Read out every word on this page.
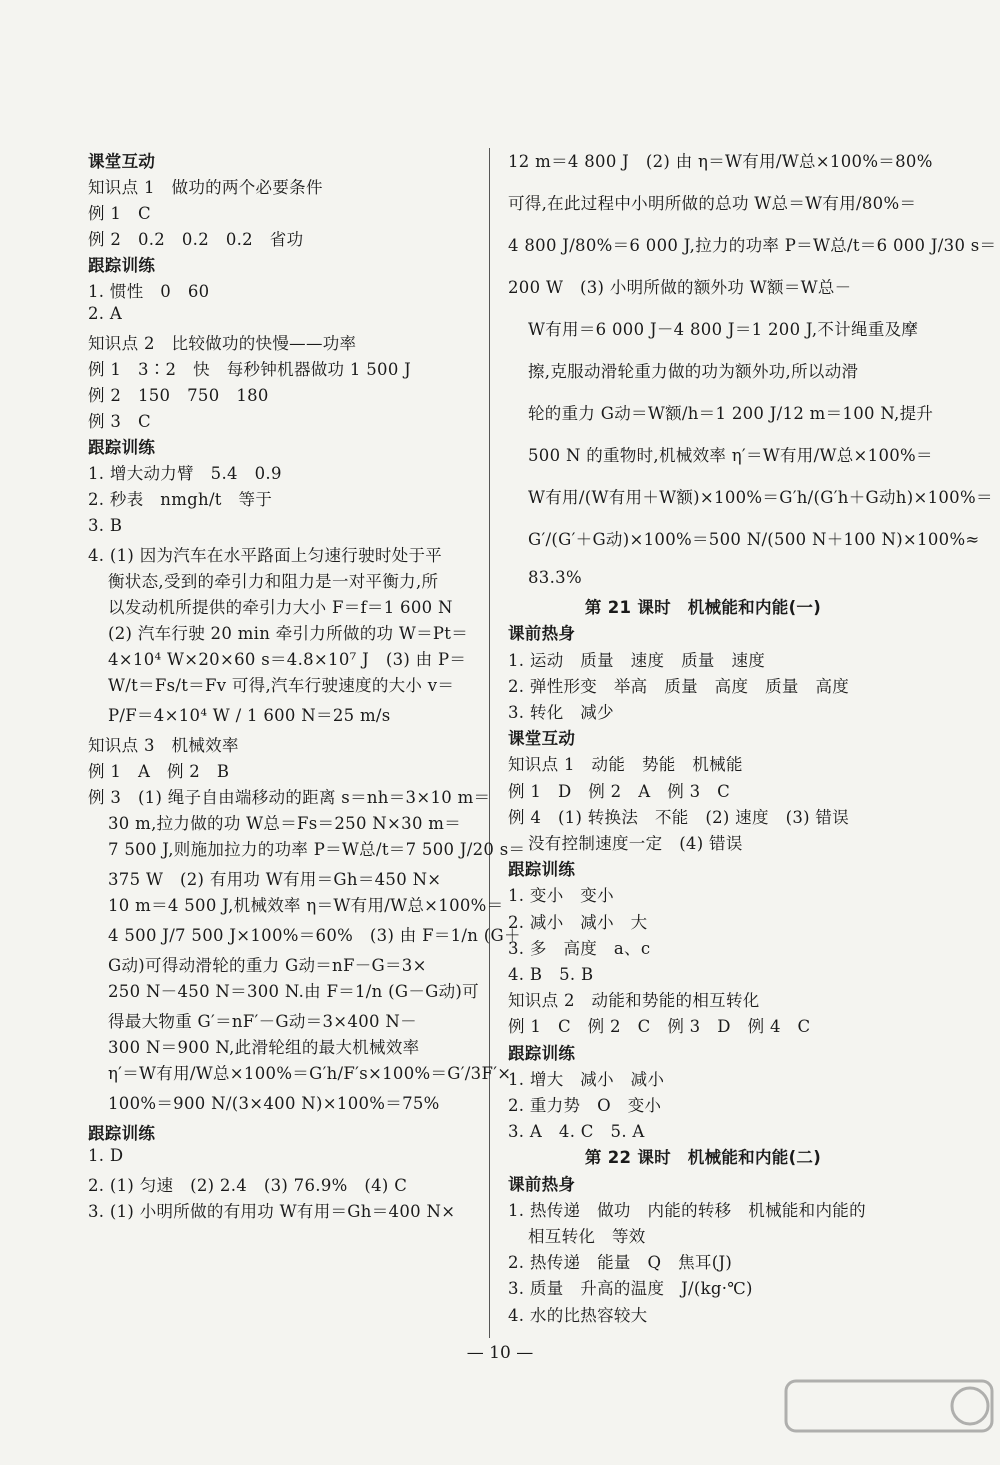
课堂互动
知识点 1　做功的两个必要条件
例 1　C
例 2　0.2　0.2　0.2　省功
跟踪训练
1. 惯性　0　60
2. A
知识点 2　比较做功的快慢——功率
例 1　3∶2　快　每秒钟机器做功 1 500 J
例 2　150　750　180
例 3　C
跟踪训练
1. 增大动力臂　5.4　0.9
2. 秒表　nmgh/t　等于
3. B
4. (1) 因为汽车在水平路面上匀速行驶时处于平
衡状态,受到的牵引力和阻力是一对平衡力,所
以发动机所提供的牵引力大小 F＝f＝1 600 N
(2) 汽车行驶 20 min 牵引力所做的功 W＝Pt＝
4×10⁴ W×20×60 s＝4.8×10⁷ J　(3) 由 P＝
W/t＝Fs/t＝Fv 可得,汽车行驶速度的大小 v＝
P/F＝4×10⁴ W / 1 600 N＝25 m/s
知识点 3　机械效率
例 1　A　例 2　B
例 3　(1) 绳子自由端移动的距离 s＝nh＝3×10 m＝
30 m,拉力做的功 W总＝Fs＝250 N×30 m＝
7 500 J,则施加拉力的功率 P＝W总/t＝7 500 J/20 s＝
375 W　(2) 有用功 W有用＝Gh＝450 N×
10 m＝4 500 J,机械效率 η＝W有用/W总×100%＝
4 500 J/7 500 J×100%＝60%　(3) 由 F＝1/n (G＋
G动)可得动滑轮的重力 G动＝nF－G＝3×
250 N－450 N＝300 N.由 F＝1/n (G－G动)可
得最大物重 G′＝nF′－G动＝3×400 N－
300 N＝900 N,此滑轮组的最大机械效率
η′＝W有用/W总×100%＝G′h/F′s×100%＝G′/3F′×
100%＝900 N/(3×400 N)×100%＝75%
跟踪训练
1. D
2. (1) 匀速　(2) 2.4　(3) 76.9%　(4) C
3. (1) 小明所做的有用功 W有用＝Gh＝400 N×
12 m＝4 800 J　(2) 由 η＝W有用/W总×100%＝80%
可得,在此过程中小明所做的总功 W总＝W有用/80%＝
4 800 J/80%＝6 000 J,拉力的功率 P＝W总/t＝6 000 J/30 s＝
200 W　(3) 小明所做的额外功 W额＝W总－
W有用＝6 000 J－4 800 J＝1 200 J,不计绳重及摩
擦,克服动滑轮重力做的功为额外功,所以动滑
轮的重力 G动＝W额/h＝1 200 J/12 m＝100 N,提升
500 N 的重物时,机械效率 η′＝W有用/W总×100%＝
W有用/(W有用＋W额)×100%＝G′h/(G′h＋G动h)×100%＝
G′/(G′＋G动)×100%＝500 N/(500 N＋100 N)×100%≈
83.3%
第 21 课时　机械能和内能(一)
课前热身
1. 运动　质量　速度　质量　速度
2. 弹性形变　举高　质量　高度　质量　高度
3. 转化　减少
课堂互动
知识点 1　动能　势能　机械能
例 1　D　例 2　A　例 3　C
例 4　(1) 转换法　不能　(2) 速度　(3) 错误
没有控制速度一定　(4) 错误
跟踪训练
1. 变小　变小
2. 减小　减小　大
3. 多　高度　a、c
4. B　5. B
知识点 2　动能和势能的相互转化
例 1　C　例 2　C　例 3　D　例 4　C
跟踪训练
1. 增大　减小　减小
2. 重力势　O　变小
3. A　4. C　5. A
第 22 课时　机械能和内能(二)
课前热身
1. 热传递　做功　内能的转移　机械能和内能的
相互转化　等效
2. 热传递　能量　Q　焦耳(J)
3. 质量　升高的温度　J/(kg·℃)
4. 水的比热容较大
— 10 —
